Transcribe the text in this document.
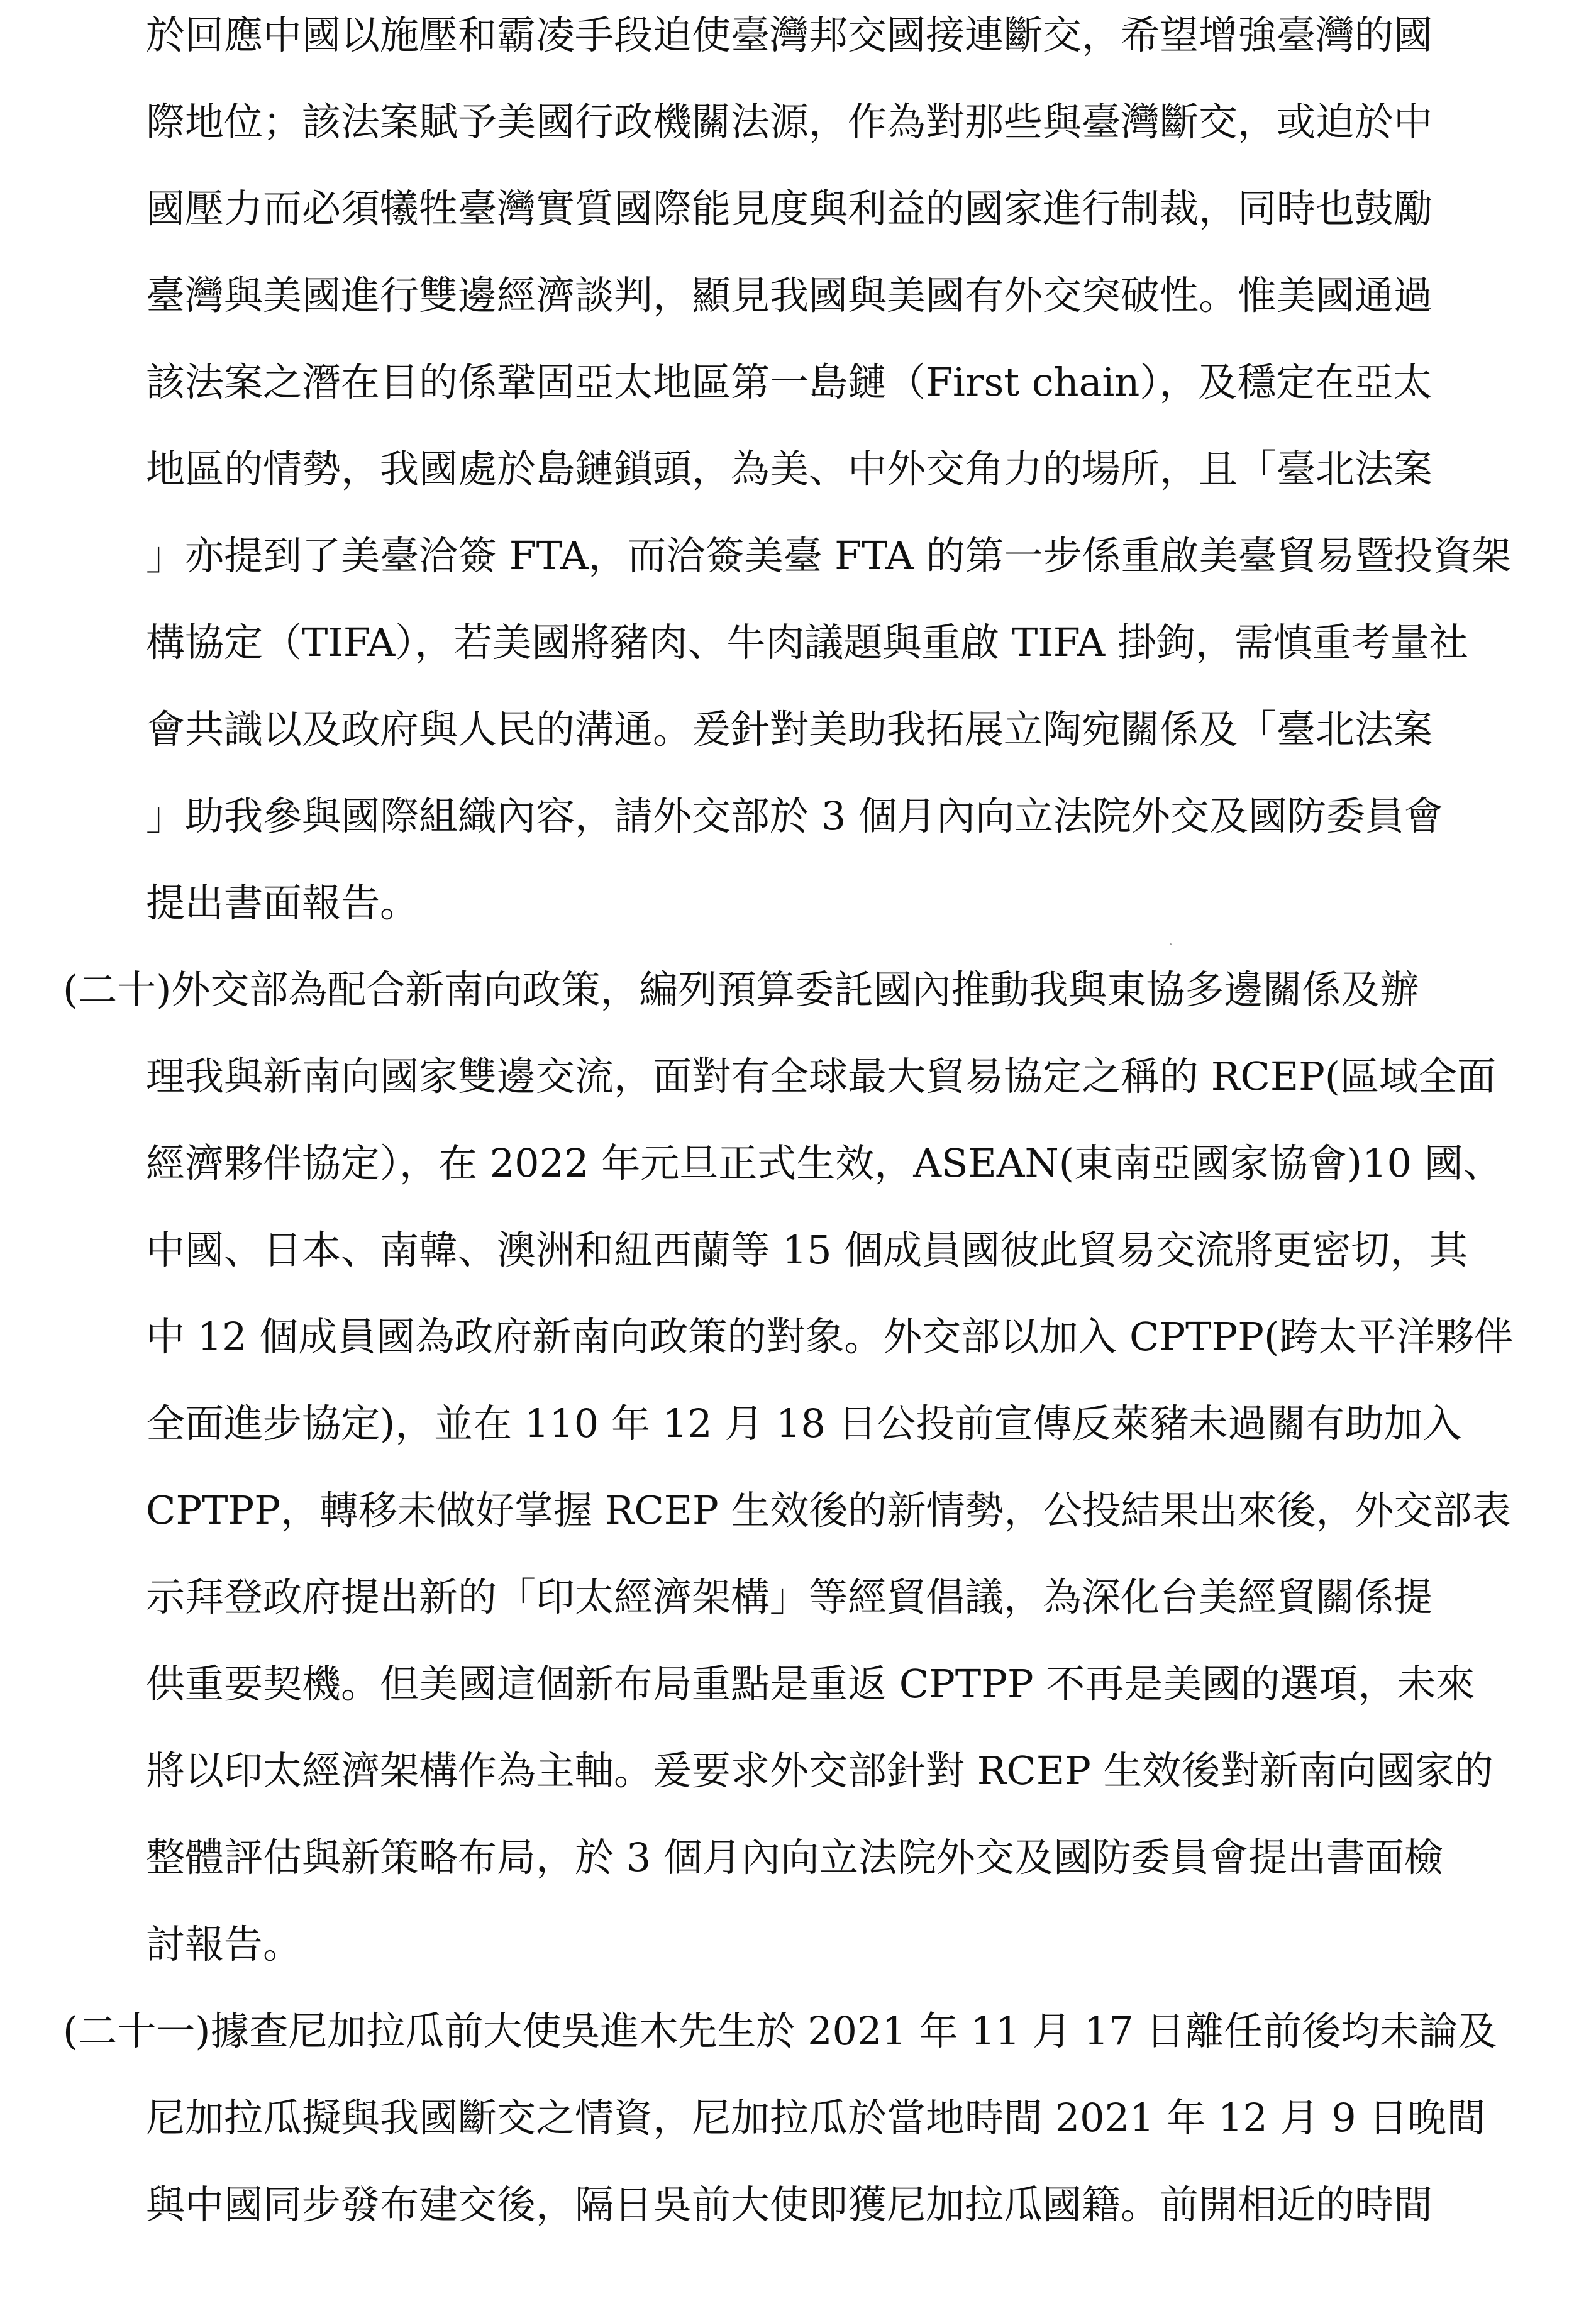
於回應中國以施壓和霸凌手段迫使臺灣邦交國接連斷交，希望增強臺灣的國
際地位；該法案賦予美國行政機關法源，作為對那些與臺灣斷交，或迫於中
國壓力而必須犧牲臺灣實質國際能見度與利益的國家進行制裁，同時也鼓勵
臺灣與美國進行雙邊經濟談判，顯見我國與美國有外交突破性。惟美國通過
該法案之潛在目的係鞏固亞太地區第一島鏈（First chain），及穩定在亞太
地區的情勢，我國處於島鏈鎖頭，為美、中外交角力的場所，且「臺北法案
」亦提到了美臺洽簽 FTA，而洽簽美臺 FTA 的第一步係重啟美臺貿易暨投資架
構協定（TIFA），若美國將豬肉、牛肉議題與重啟 TIFA 掛鉤，需慎重考量社
會共識以及政府與人民的溝通。爰針對美助我拓展立陶宛關係及「臺北法案
」助我參與國際組織內容，請外交部於 3 個月內向立法院外交及國防委員會
提出書面報告。
(二十)外交部為配合新南向政策，編列預算委託國內推動我與東協多邊關係及辦
理我與新南向國家雙邊交流，面對有全球最大貿易協定之稱的 RCEP(區域全面
經濟夥伴協定），在 2022 年元旦正式生效，ASEAN(東南亞國家協會)10 國、
中國、日本、南韓、澳洲和紐西蘭等 15 個成員國彼此貿易交流將更密切，其
中 12 個成員國為政府新南向政策的對象。外交部以加入 CPTPP(跨太平洋夥伴
全面進步協定)，並在 110 年 12 月 18 日公投前宣傳反萊豬未過關有助加入
CPTPP，轉移未做好掌握 RCEP 生效後的新情勢，公投結果出來後，外交部表
示拜登政府提出新的「印太經濟架構」等經貿倡議，為深化台美經貿關係提
供重要契機。但美國這個新布局重點是重返 CPTPP 不再是美國的選項，未來
將以印太經濟架構作為主軸。爰要求外交部針對 RCEP 生效後對新南向國家的
整體評估與新策略布局，於 3 個月內向立法院外交及國防委員會提出書面檢
討報告。
(二十一)據查尼加拉瓜前大使吳進木先生於 2021 年 11 月 17 日離任前後均未論及
尼加拉瓜擬與我國斷交之情資，尼加拉瓜於當地時間 2021 年 12 月 9 日晚間
與中國同步發布建交後，隔日吳前大使即獲尼加拉瓜國籍。前開相近的時間
